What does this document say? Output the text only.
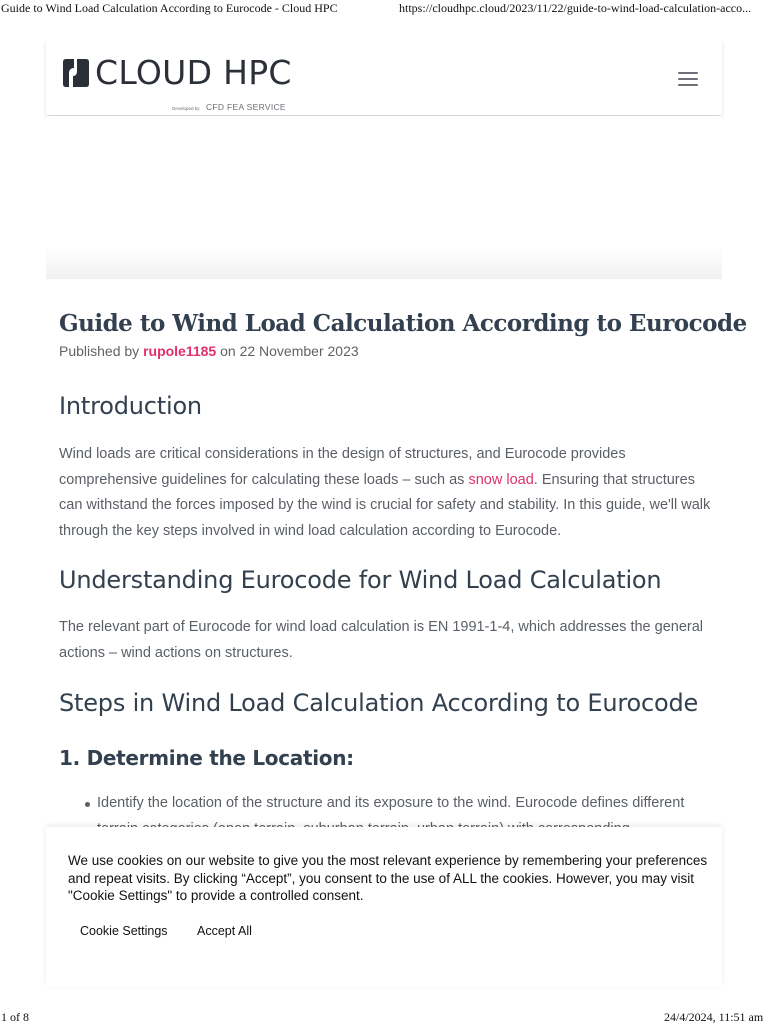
Guide to Wind Load Calculation According to Eurocode - Cloud HPC	https://cloudhpc.cloud/2023/11/22/guide-to-wind-load-calculation-acco...
CLOUD HPC
Developed by CFD FEA SERVICE
Guide to Wind Load Calculation According to Eurocode
Published by rupole1185 on 22 November 2023
Introduction

Wind loads are critical considerations in the design of structures, and Eurocode provides comprehensive guidelines for calculating these loads – such as snow load. Ensuring that structures can withstand the forces imposed by the wind is crucial for safety and stability. In this guide, we'll walk through the key steps involved in wind load calculation according to Eurocode.

Understanding Eurocode for Wind Load Calculation

The relevant part of Eurocode for wind load calculation is EN 1991-1-4, which addresses the general actions – wind actions on structures.

Steps in Wind Load Calculation According to Eurocode
1. Determine the Location:
Identify the location of the structure and its exposure to the wind. Eurocode defines different
We use cookies on our website to give you the most relevant experience by remembering your preferences and repeat visits. By clicking “Accept”, you consent to the use of ALL the cookies. However, you may visit "Cookie Settings" to provide a controlled consent.
Cookie Settings Accept All
1 of 8	24/4/2024, 11:51 am
